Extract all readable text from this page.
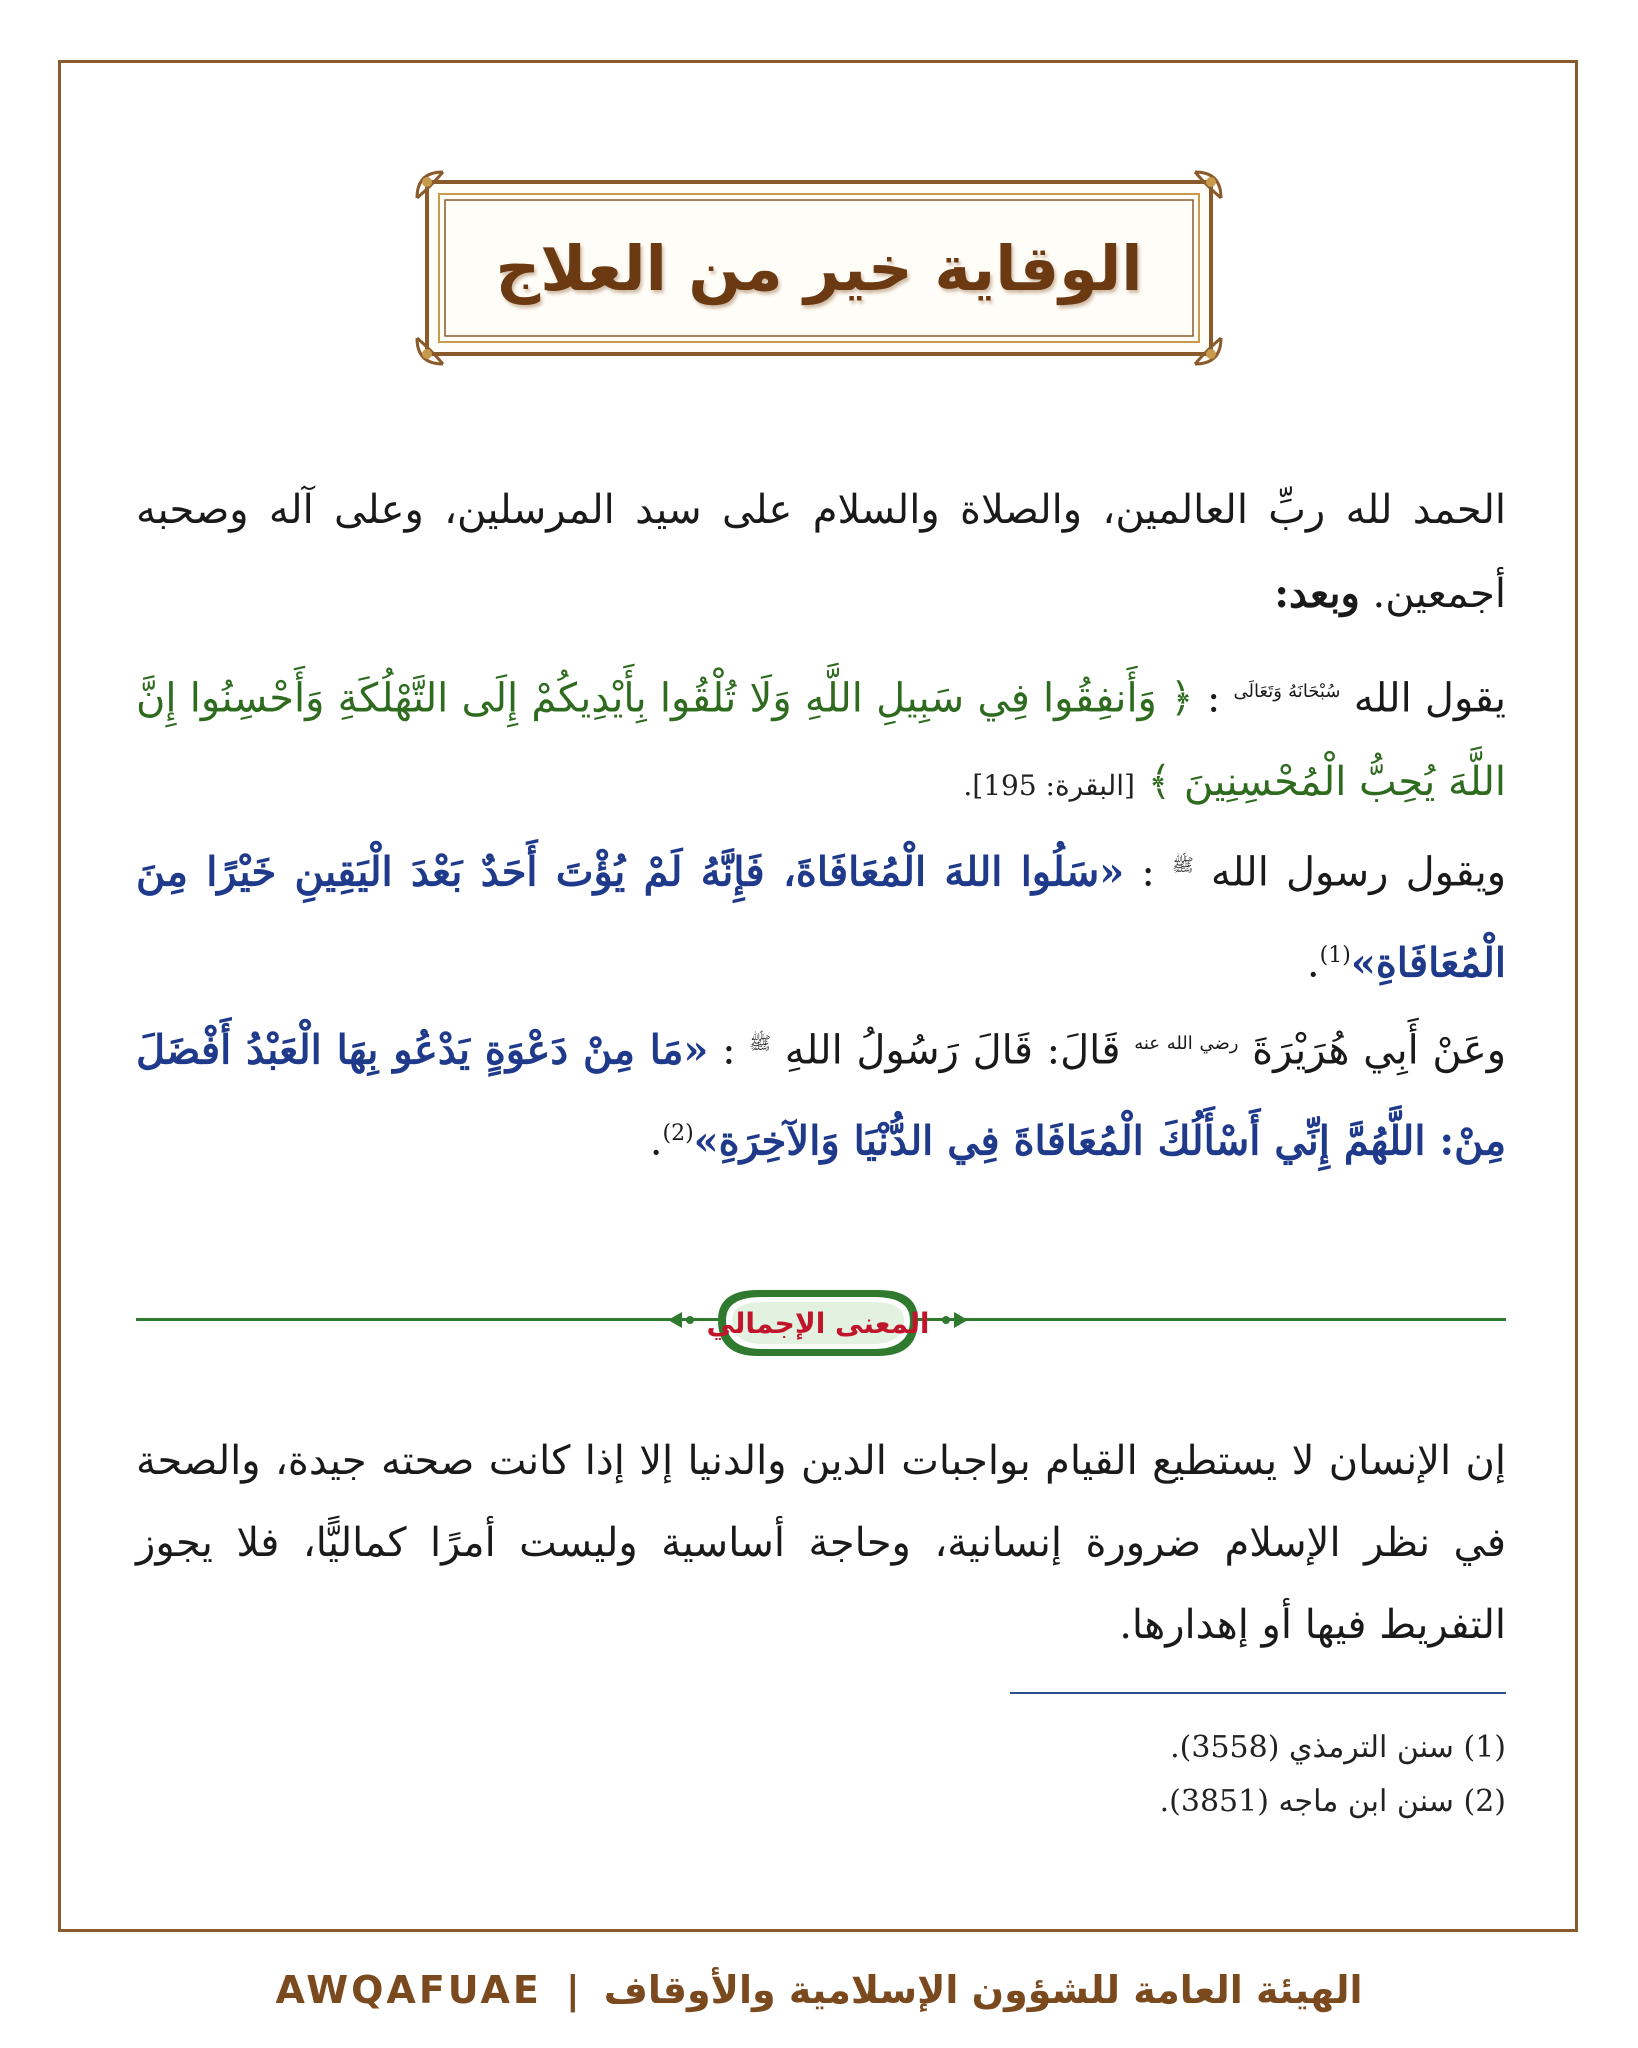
الوقاية خير من العلاج
الحمد لله ربِّ العالمين، والصلاة والسلام على سيد المرسلين، وعلى آله وصحبه أجمعين. وبعد:
يقول الله $^{سُبْحَانَهُ وَتَعَالَى}$ : ﴿ وَأَنفِقُوا فِي سَبِيلِ اللَّهِ وَلَا تُلْقُوا بِأَيْدِيكُمْ إِلَى التَّهْلُكَةِ وَأَحْسِنُوا إِنَّ اللَّهَ يُحِبُّ الْمُحْسِنِينَ ﴾ [البقرة: 195].
ويقول رسول الله $^ﷺ$ : «سَلُوا اللهَ الْمُعَافَاةَ، فَإِنَّهُ لَمْ يُؤْتَ أَحَدٌ بَعْدَ الْيَقِينِ خَيْرًا مِنَ الْمُعَافَاةِ»$^{(1)}$.
وعَنْ أَبِي هُرَيْرَةَ $^{رضي الله عنه}$ قَالَ: قَالَ رَسُولُ اللهِ $^ﷺ$ : «مَا مِنْ دَعْوَةٍ يَدْعُو بِهَا الْعَبْدُ أَفْضَلَ مِنْ: اللَّهُمَّ إِنِّي أَسْأَلُكَ الْمُعَافَاةَ فِي الدُّنْيَا وَالآخِرَةِ»$^{(2)}$.
المعنى الإجمالي
إن الإنسان لا يستطيع القيام بواجبات الدين والدنيا إلا إذا كانت صحته جيدة، والصحة في نظر الإسلام ضرورة إنسانية، وحاجة أساسية وليست أمرًا كماليًّا، فلا يجوز التفريط فيها أو إهدارها.
(1) سنن الترمذي (3558).
(2) سنن ابن ماجه (3851).
AWQAFUAE | الهيئة العامة للشؤون الإسلامية والأوقاف
